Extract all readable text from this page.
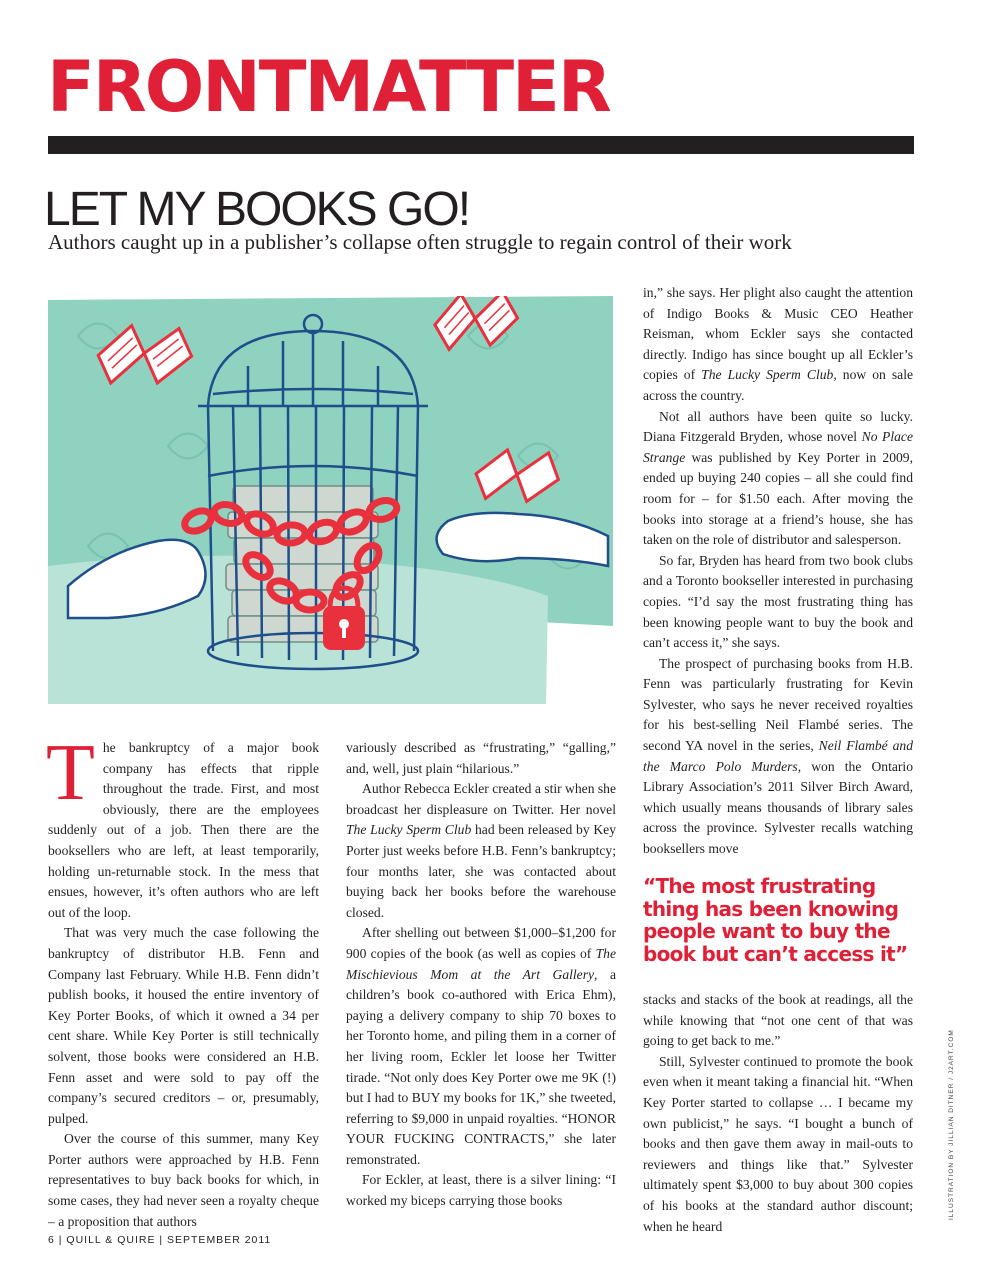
FRONTMATTER
LET MY BOOKS GO!

Authors caught up in a publisher’s collapse often struggle to regain control of their work

The bankruptcy of a major book company has effects that ripple throughout the trade. First, and most obviously, there are the employees suddenly out of a job. Then there are the booksellers who are left, at least temporarily, holding un-returnable stock. In the mess that ensues, however, it’s often authors who are left out of the loop.

That was very much the case following the bankruptcy of distributor H.B. Fenn and Company last February. While H.B. Fenn didn’t publish books, it housed the entire inventory of Key Porter Books, of which it owned a 34 per cent share. While Key Porter is still technically solvent, those books were considered an H.B. Fenn asset and were sold to pay off the company’s secured creditors – or, presumably, pulped.

Over the course of this summer, many Key Porter authors were approached by H.B. Fenn representatives to buy back books for which, in some cases, they had never seen a royalty cheque – a proposition that authors

variously described as “frustrating,” “galling,” and, well, just plain “hilarious.”

Author Rebecca Eckler created a stir when she broadcast her displeasure on Twitter. Her novel The Lucky Sperm Club had been released by Key Porter just weeks before H.B. Fenn’s bankruptcy; four months later, she was contacted about buying back her books before the warehouse closed.

After shelling out between $1,000–$1,200 for 900 copies of the book (as well as copies of The Mischievious Mom at the Art Gallery, a children’s book co-authored with Erica Ehm), paying a delivery company to ship 70 boxes to her Toronto home, and piling them in a corner of her living room, Eckler let loose her Twitter tirade. “Not only does Key Porter owe me 9K (!) but I had to BUY my books for 1K,” she tweeted, referring to $9,000 in unpaid royalties. “HONOR YOUR FUCKING CONTRACTS,” she later remonstrated.

For Eckler, at least, there is a silver lining: “I worked my biceps carrying those books

in,” she says. Her plight also caught the attention of Indigo Books & Music CEO Heather Reisman, whom Eckler says she contacted directly. Indigo has since bought up all Eckler’s copies of The Lucky Sperm Club, now on sale across the country.

Not all authors have been quite so lucky. Diana Fitzgerald Bryden, whose novel No Place Strange was published by Key Porter in 2009, ended up buying 240 copies – all she could find room for – for $1.50 each. After moving the books into storage at a friend’s house, she has taken on the role of distributor and salesperson.

So far, Bryden has heard from two book clubs and a Toronto bookseller interested in purchasing copies. “I’d say the most frustrating thing has been knowing people want to buy the book and can’t access it,” she says.

The prospect of purchasing books from H.B. Fenn was particularly frustrating for Kevin Sylvester, who says he never received royalties for his best-selling Neil Flambé series. The second YA novel in the series, Neil Flambé and the Marco Polo Murders, won the Ontario Library Association’s 2011 Silver Birch Award, which usually means thousands of library sales across the province. Sylvester recalls watching booksellers move

“The most frustrating thing has been knowing people want to buy the book but can’t access it”

stacks and stacks of the book at readings, all the while knowing that “not one cent of that was going to get back to me.”

Still, Sylvester continued to promote the book even when it meant taking a financial hit. “When Key Porter started to collapse … I became my own publicist,” he says. “I bought a bunch of books and then gave them away in mail-outs to reviewers and things like that.” Sylvester ultimately spent $3,000 to buy about 300 copies of his books at the standard author discount; when he heard

6 | QUILL & QUIRE | SEPTEMBER 2011
ILLUSTRATION BY JILLIAN DITNER / J2ART.COM
